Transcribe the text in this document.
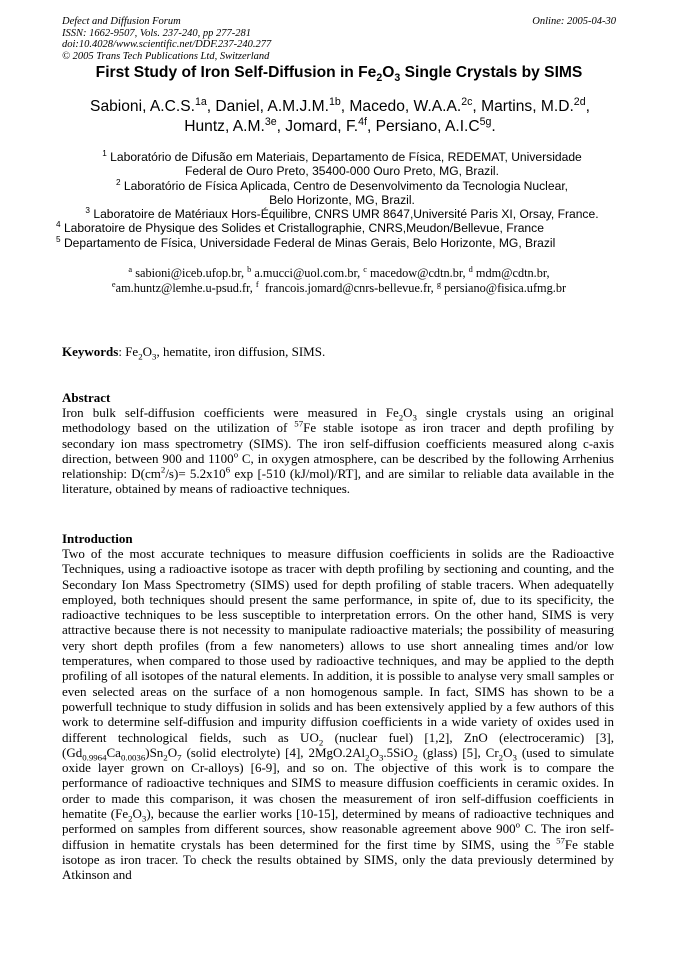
Defect and Diffusion Forum
ISSN: 1662-9507, Vols. 237-240, pp 277-281
doi:10.4028/www.scientific.net/DDF.237-240.277
© 2005 Trans Tech Publications Ltd, Switzerland
Online: 2005-04-30
First Study of Iron Self-Diffusion in $Fe_2O_3$ Single Crystals by SIMS
Sabioni, A.C.S.$^{1a}$, Daniel, A.M.J.M.$^{1b}$, Macedo, W.A.A.$^{2c}$, Martins, M.D.$^{2d}$, Huntz, A.M.$^{3e}$, Jomard, F.$^{4f}$, Persiano, $A.I.C^{5g}$.
$^1$ Laboratório de Difusão em Materiais, Departamento de Física, REDEMAT, Universidade
Federal de Ouro Preto, 35400-000 Ouro Preto, MG, Brazil.
$^2$ Laboratório de Física Aplicada, Centro de Desenvolvimento da Tecnologia Nuclear,
Belo Horizonte, MG, Brazil.
$^3$ Laboratoire de Matériaux Hors-Équilibre, CNRS UMR 8647,Université Paris XI, Orsay, France.
$^4$ Laboratoire de Physique des Solides et Cristallographie, CNRS,Meudon/Bellevue, France
$^5$ Departamento de Física, Universidade Federal de Minas Gerais, Belo Horizonte, MG, Brazil
$^a$ sabioni@iceb.ufop.br, $^b$ a.mucci@uol.com.br, $^c$ macedow@cdtn.br, $^d$ mdm@cdtn.br,
$^e$am.huntz@lemhe.u-psud.fr, $^f$ francois.jomard@cnrs-bellevue.fr, $^g$ persiano@fisica.ufmg.br
Keywords: $Fe_2O_3$, hematite, iron diffusion, SIMS.
Abstract
Iron bulk self-diffusion coefficients were measured in $Fe_2O_3$ single crystals using an original methodology based on the utilization of $^{57}$Fe stable isotope as iron tracer and depth profiling by secondary ion mass spectrometry (SIMS). The iron self-diffusion coefficients measured along c-axis direction, between 900 and 1100$^o$ C, in oxygen atmosphere, can be described by the following Arrhenius relationship: $D(cm^2/s)= 5.2x10^6$ exp [-510 (kJ/mol)/RT], and are similar to reliable data available in the literature, obtained by means of radioactive techniques.
Introduction
Two of the most accurate techniques to measure diffusion coefficients in solids are the Radioactive Techniques, using a radioactive isotope as tracer with depth profiling by sectioning and counting, and the Secondary Ion Mass Spectrometry (SIMS) used for depth profiling of stable tracers. When adequatelly employed, both techniques should present the same performance, in spite of, due to its specificity, the radioactive techniques to be less susceptible to interpretation errors. On the other hand, SIMS is very attractive because there is not necessity to manipulate radioactive materials; the possibility of measuring very short depth profiles (from a few nanometers) allows to use short annealing times and/or low temperatures, when compared to those used by radioactive techniques, and may be applied to the depth profiling of all isotopes of the natural elements. In addition, it is possible to analyse very small samples or even selected areas on the surface of a non homogenous sample. In fact, SIMS has shown to be a powerfull technique to study diffusion in solids and has been extensively applied by a few authors of this work to determine self-diffusion and impurity diffusion coefficients in a wide variety of oxides used in different technological fields, such as $UO_2$ (nuclear fuel) [1,2], ZnO (electroceramic) [3], $(Gd_{0.9964}Ca_{0.0036})Sn_2O_7$ (solid electrolyte) [4], $2MgO.2Al_2O_3.5SiO_2$ (glass) [5], $Cr_2O_3$ (used to simulate oxide layer grown on Cr-alloys) [6-9], and so on. The objective of this work is to compare the performance of radioactive techniques and SIMS to measure diffusion coefficients in ceramic oxides. In order to made this comparison, it was chosen the measurement of iron self-diffusion coefficients in hematite $(Fe_2O_3)$, because the earlier works [10-15], determined by means of radioactive techniques and performed on samples from different sources, show reasonable agreement above 900$^o$ C. The iron self-diffusion in hematite crystals has been determined for the first time by SIMS, using the $^{57}$Fe stable isotope as iron tracer. To check the results obtained by SIMS, only the data previously determined by Atkinson and
